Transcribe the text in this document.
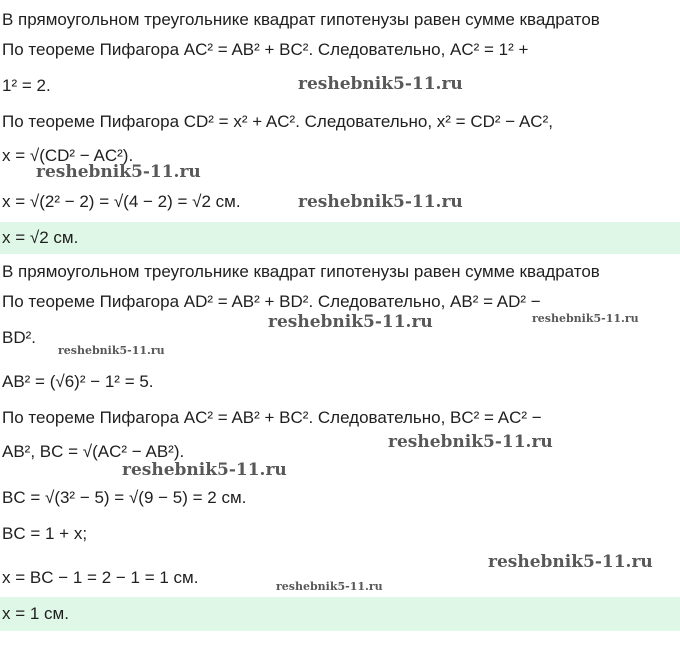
В прямоугольном треугольнике квадрат гипотенузы равен сумме квадратов
По теореме Пифагора AC² = AB² + BC². Следовательно, AC² = 1² +
1² = 2.
По теореме Пифагора CD² = x² + AC². Следовательно, x² = CD² − AC²,
x = √(CD² − AC²).
x = √(2² − 2) = √(4 − 2) = √2 см.
x = √2 см.
В прямоугольном треугольнике квадрат гипотенузы равен сумме квадратов
По теореме Пифагора AD² = AB² + BD². Следовательно, AB² = AD² −
BD².
AB² = (√6)² − 1² = 5.
По теореме Пифагора AC² = AB² + BC². Следовательно, BC² = AC² −
AB², BC = √(AC² − AB²).
BC = √(3² − 5) = √(9 − 5) = 2 см.
BC = 1 + x;
x = BC − 1 = 2 − 1 = 1 см.
x = 1 см.
reshebnik5-11.ru
reshebnik5-11.ru
reshebnik5-11.ru
reshebnik5-11.ru	reshebnik5-11.ru
reshebnik5-11.ru
reshebnik5-11.ru
reshebnik5-11.ru
reshebnik5-11.ru
reshebnik5-11.ru
